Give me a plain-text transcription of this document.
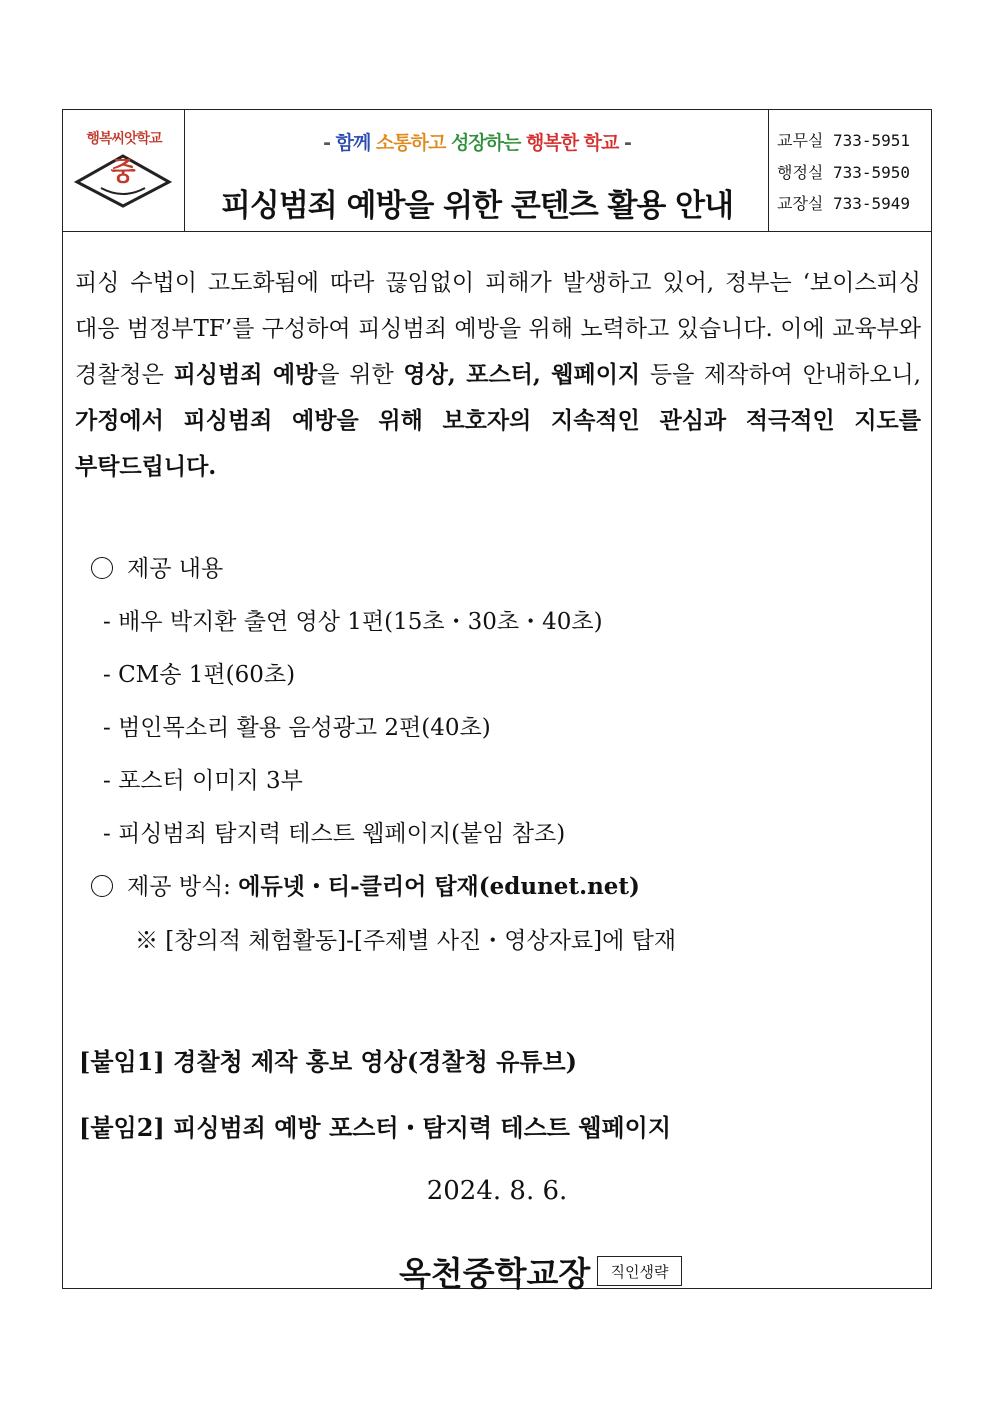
행복씨앗학교
중
- 함께 소통하고 성장하는 행복한 학교 -
피싱범죄 예방을 위한 콘텐츠 활용 안내
교무실 733-5951
행정실 733-5950
교장실 733-5949
피싱 수법이 고도화됨에 따라 끊임없이 피해가 발생하고 있어, 정부는 ‘보이스피싱 대응 범정부TF’를 구성하여 피싱범죄 예방을 위해 노력하고 있습니다. 이에 교육부와 경찰청은 피싱범죄 예방을 위한 영상, 포스터, 웹페이지 등을 제작하여 안내하오니, 가정에서 피싱범죄 예방을 위해 보호자의 지속적인 관심과 적극적인 지도를 부탁드립니다.
제공 내용
- 배우 박지환 출연 영상 1편(15초・30초・40초)
- CM송 1편(60초)
- 범인목소리 활용 음성광고 2편(40초)
- 포스터 이미지 3부
- 피싱범죄 탐지력 테스트 웹페이지(붙임 참조)
제공 방식: 에듀넷・티-클리어 탑재(edunet.net)
※ [창의적 체험활동]-[주제별 사진・영상자료]에 탑재
[붙임1] 경찰청 제작 홍보 영상(경찰청 유튜브)
[붙임2] 피싱범죄 예방 포스터・탐지력 테스트 웹페이지
2024. 8. 6.
옥천중학교장	직인생략
